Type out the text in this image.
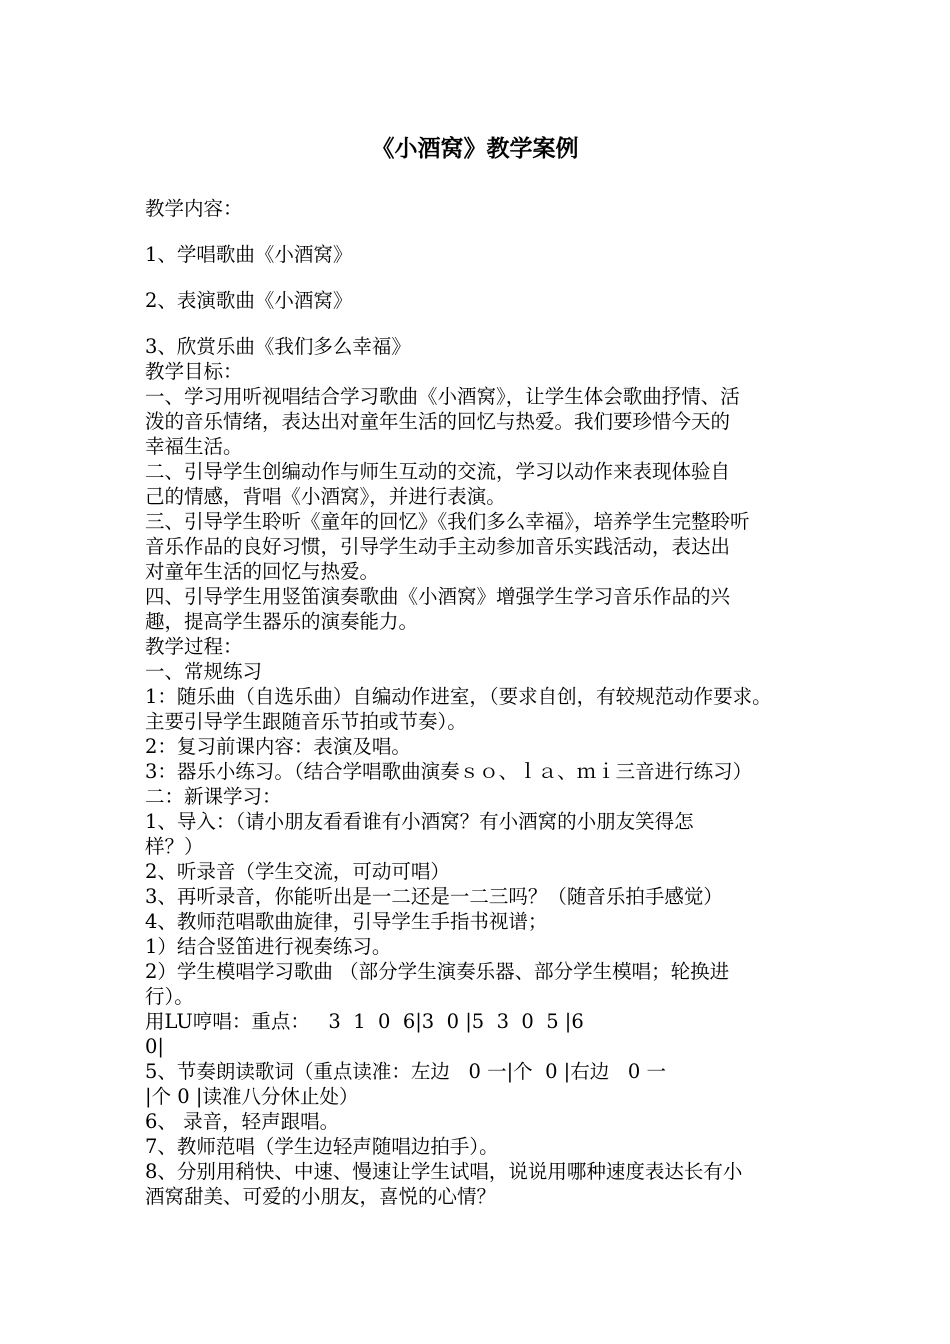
《小酒窝》教学案例
教学内容：
1、学唱歌曲《小酒窝》
2、表演歌曲《小酒窝》
3、欣赏乐曲《我们多么幸福》
教学目标：
一、学习用听视唱结合学习歌曲《小酒窝》，让学生体会歌曲抒情、活
泼的音乐情绪，表达出对童年生活的回忆与热爱。我们要珍惜今天的
幸福生活。
二、引导学生创编动作与师生互动的交流，学习以动作来表现体验自
己的情感，背唱《小酒窝》，并进行表演。
三、引导学生聆听《童年的回忆》《我们多么幸福》，培养学生完整聆听
音乐作品的良好习惯，引导学生动手主动参加音乐实践活动，表达出
对童年生活的回忆与热爱。
四、引导学生用竖笛演奏歌曲《小酒窝》增强学生学习音乐作品的兴
趣，提高学生器乐的演奏能力。
教学过程：
一、常规练习
1：随乐曲（自选乐曲）自编动作进室，（要求自创，有较规范动作要求。
主要引导学生跟随音乐节拍或节奏）。
2：复习前课内容：表演及唱。
3：器乐小练习。（结合学唱歌曲演奏ｓｏ、ｌａ、ｍｉ三音进行练习）
二：新课学习：
1、导入：（请小朋友看看谁有小酒窝？有小酒窝的小朋友笑得怎
样？）
2、听录音（学生交流，可动可唱）
3、再听录音，你能听出是一二还是一二三吗？（随音乐拍手感觉）
4、教师范唱歌曲旋律，引导学生手指书视谱；
1）结合竖笛进行视奏练习。
2）学生模唱学习歌曲 （部分学生演奏乐器、部分学生模唱；轮换进
行）。
用LU哼唱：重点：   3  1  0  6|3  0 |5  3  0  5 |6
0|
5、节奏朗读歌词（重点读准：左边   0 一|个  0 |右边   0 一
|个 0 |读准八分休止处）
6、 录音，轻声跟唱。
7、教师范唱（学生边轻声随唱边拍手）。
8、分别用稍快、中速、慢速让学生试唱，说说用哪种速度表达长有小
酒窝甜美、可爱的小朋友，喜悦的心情？
